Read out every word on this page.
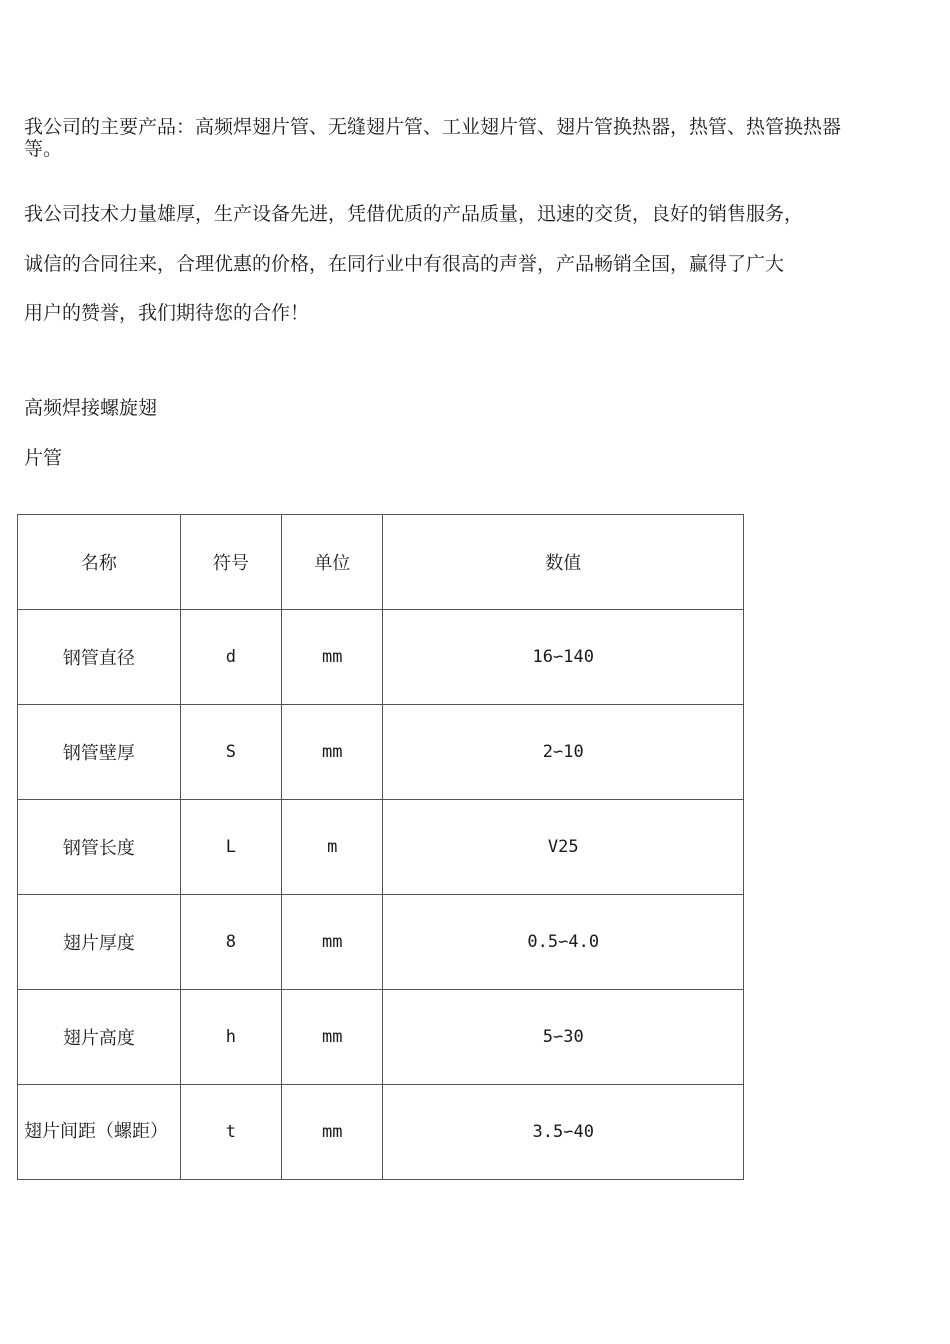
我公司的主要产品：高频焊翅片管、无缝翅片管、工业翅片管、翅片管换热器，热管、热管换热器等。

我公司技术力量雄厚，生产设备先进，凭借优质的产品质量，迅速的交货，良好的销售服务，

诚信的合同往来，合理优惠的价格，在同行业中有很高的声誉，产品畅销全国，赢得了广大

用户的赞誉，我们期待您的合作！

高频焊接螺旋翅

片管

名称	符号	单位	数值
钢管直径	d	mm	16∽140
钢管壁厚	S	mm	2∽10
钢管长度	L	m	V25
翅片厚度	8	mm	0.5∽4.0
翅片高度	h	mm	5∽30
翅片间距（螺距）	t	mm	3.5∽40
